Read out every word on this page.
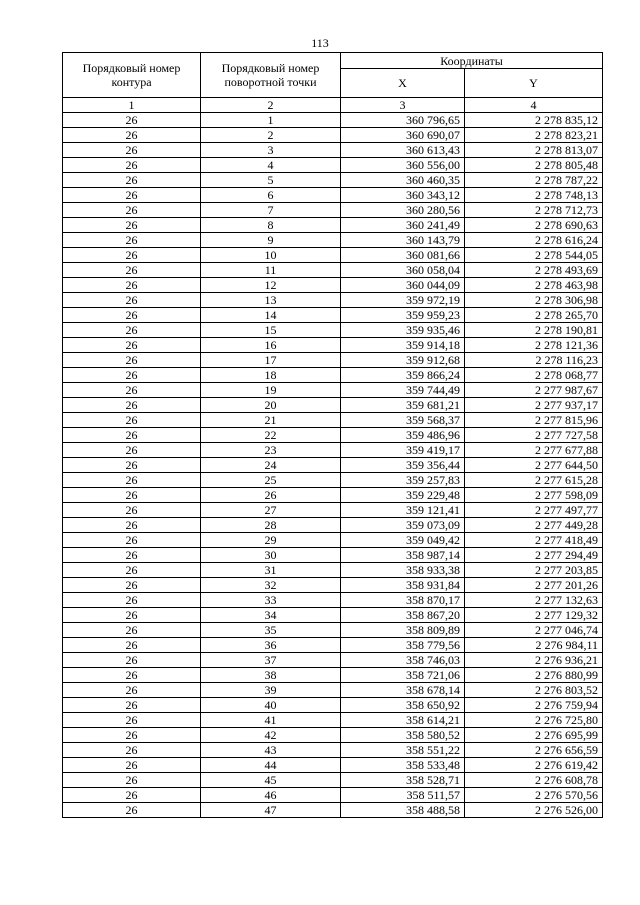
113
Порядковый номер контура	Порядковый номер поворотной точки	Координаты	
		X	Y
1	2	3	4
26	1	360 796,65	2 278 835,12
26	2	360 690,07	2 278 823,21
26	3	360 613,43	2 278 813,07
26	4	360 556,00	2 278 805,48
26	5	360 460,35	2 278 787,22
26	6	360 343,12	2 278 748,13
26	7	360 280,56	2 278 712,73
26	8	360 241,49	2 278 690,63
26	9	360 143,79	2 278 616,24
26	10	360 081,66	2 278 544,05
26	11	360 058,04	2 278 493,69
26	12	360 044,09	2 278 463,98
26	13	359 972,19	2 278 306,98
26	14	359 959,23	2 278 265,70
26	15	359 935,46	2 278 190,81
26	16	359 914,18	2 278 121,36
26	17	359 912,68	2 278 116,23
26	18	359 866,24	2 278 068,77
26	19	359 744,49	2 277 987,67
26	20	359 681,21	2 277 937,17
26	21	359 568,37	2 277 815,96
26	22	359 486,96	2 277 727,58
26	23	359 419,17	2 277 677,88
26	24	359 356,44	2 277 644,50
26	25	359 257,83	2 277 615,28
26	26	359 229,48	2 277 598,09
26	27	359 121,41	2 277 497,77
26	28	359 073,09	2 277 449,28
26	29	359 049,42	2 277 418,49
26	30	358 987,14	2 277 294,49
26	31	358 933,38	2 277 203,85
26	32	358 931,84	2 277 201,26
26	33	358 870,17	2 277 132,63
26	34	358 867,20	2 277 129,32
26	35	358 809,89	2 277 046,74
26	36	358 779,56	2 276 984,11
26	37	358 746,03	2 276 936,21
26	38	358 721,06	2 276 880,99
26	39	358 678,14	2 276 803,52
26	40	358 650,92	2 276 759,94
26	41	358 614,21	2 276 725,80
26	42	358 580,52	2 276 695,99
26	43	358 551,22	2 276 656,59
26	44	358 533,48	2 276 619,42
26	45	358 528,71	2 276 608,78
26	46	358 511,57	2 276 570,56
26	47	358 488,58	2 276 526,00
